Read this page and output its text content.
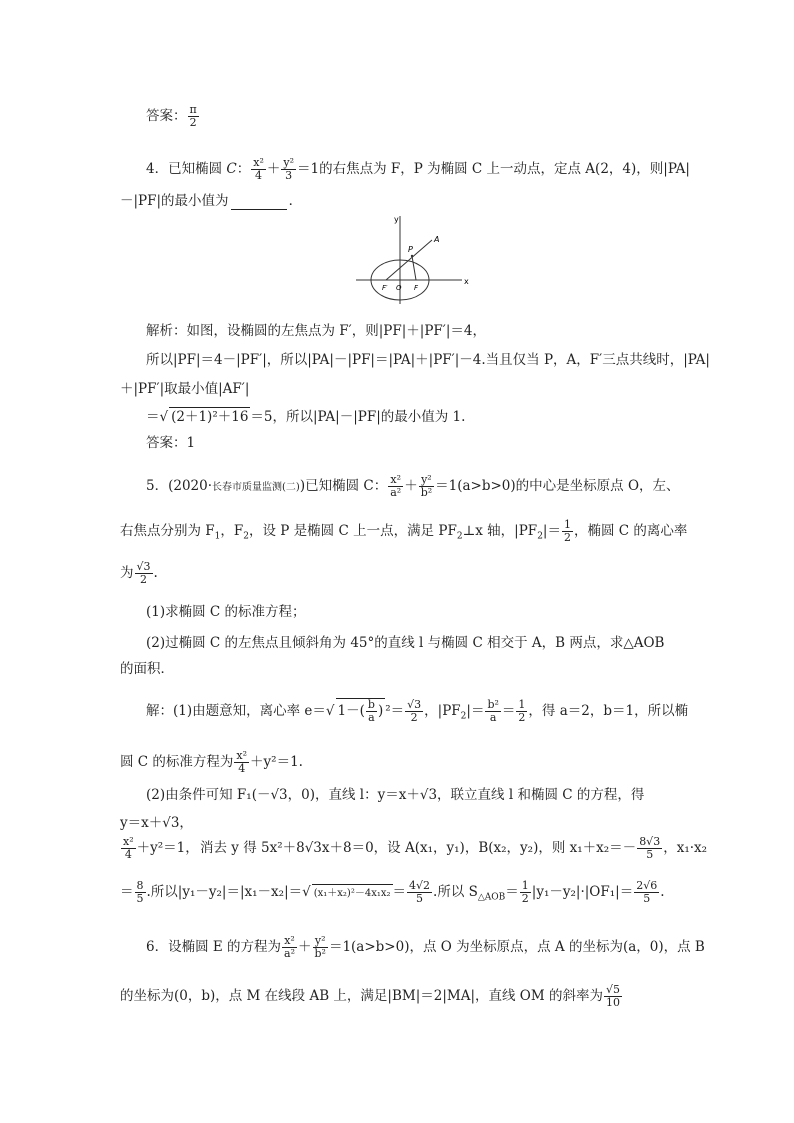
答案： $\frac{\pi}{2}$
4．已知椭圆 C： $\frac{\text{x²}}{4} + \frac{\text{y²}}{3} =1$的右焦点为 F，P 为椭圆 C 上一动点，定点 A(2，4)，则|PA|
－|PF|的最小值为	．
y
x
P
A
F′ O F
解析：如图，设椭圆的左焦点为 F′，则|PF|＋|PF′|＝4，
所以|PF|＝4－|PF′|，所以|PA|－|PF|＝|PA|＋|PF′|－4.当且仅当 P，A，F′三点共线时，|PA|
＋|PF′|取最小值|AF′|
＝√ (2＋1)²＋16 ＝5，所以|PA|－|PF|的最小值为 1.
答案：1
5．(2020·长春市质量监测(二))已知椭圆 C： $\frac{\text{x²}}{\text{a²}} + \frac{\text{y²}}{\text{b²}} =1(a>b>0)$的中心是坐标原点 O，左、
右焦点分别为 $F_1$，$F_2$，设 P 是椭圆 C 上一点，满足 $PF_2\perp x$ 轴，$|PF_2|= \frac{1}{2}$ ，椭圆 C 的离心率
为 $\frac{√3}{2}$ .
(1)求椭圆 C 的标准方程；
(2)过椭圆 C 的左焦点且倾斜角为 45°的直线 l 与椭圆 C 相交于 A，B 两点，求△AOB
的面积．
解：(1)由题意知，离心率 e＝√ $1-( \frac{b}{a}$ ) $^2= \frac{√3}{2}$ ，$|PF_2|= \frac{\text{b²}}{a} = \frac{1}{2}$ ，得 a＝2，b＝1，所以椭
圆 C 的标准方程为 $\frac{\text{x²}}{4} +y^2=1$.
(2)由条件可知 F₁(－√3，0)，直线 l：y＝x＋√3，联立直线 l 和椭圆 C 的方程，得
y＝x＋√3，
$\frac{\text{x²}}{4} +y^2=1$， 消去 y 得 5x²＋8√3x＋8＝0，设 A(x₁，y₁)，B(x₂，y₂)，则 $x_1+x_2=- \frac{8√3}{5}$ ，x₁·x₂
＝ $\frac{8}{5}$ .所以|y₁－y₂|＝|x₁－x₂|＝√ $(x_1+x_2)^2-4x_1x_2 = \frac{4√2}{5}$ .所以 $S_{\triangle AOB}= \frac{1}{2} |y_1-y_2|\cdot|OF_1|= \frac{2√6}{5}$ .
6．设椭圆 E 的方程为 $\frac{\text{x²}}{\text{a²}} + \frac{\text{y²}}{\text{b²}} =1(a>b>0)$，点 O 为坐标原点，点 A 的坐标为(a，0)，点 B
的坐标为(0，b)，点 M 在线段 AB 上，满足|BM|＝2|MA|，直线 OM 的斜率为 $\frac{√5}{10}$
